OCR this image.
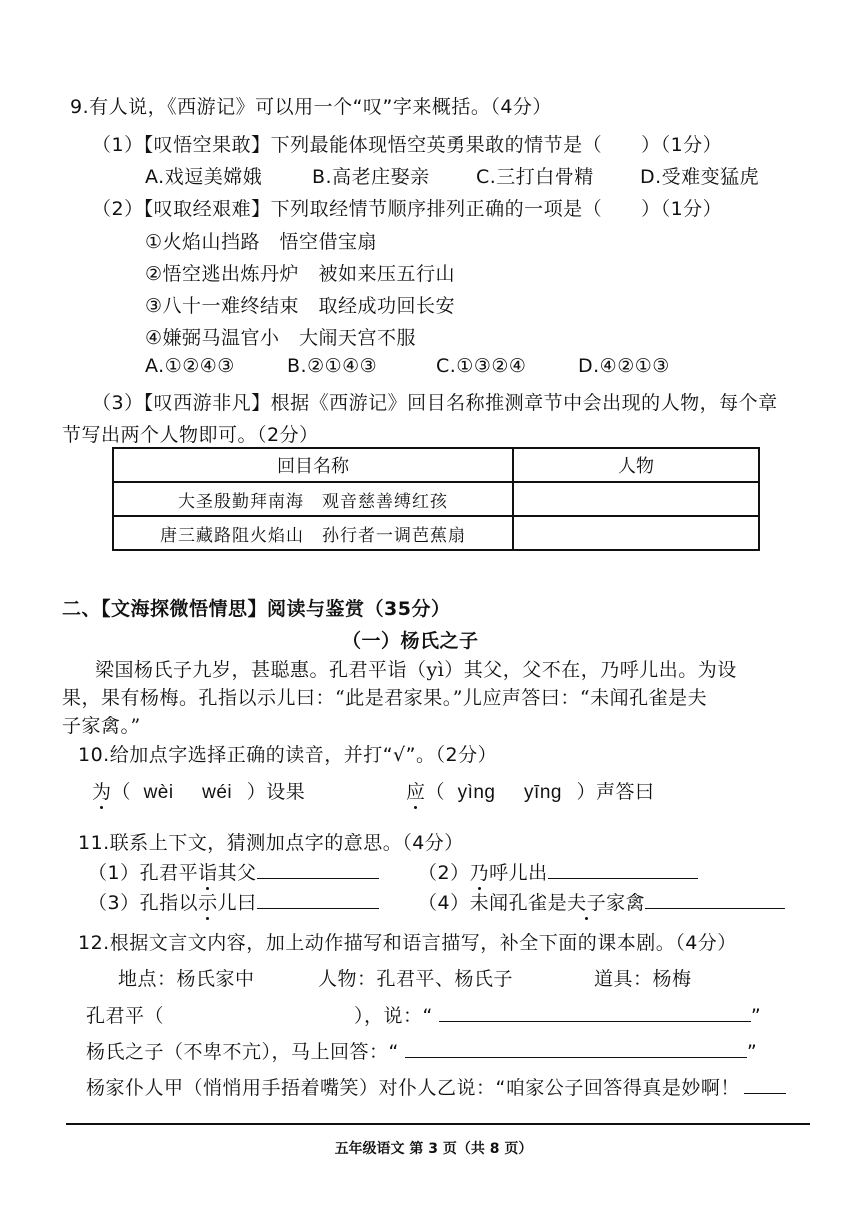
9.有人说，《西游记》可以用一个“叹”字来概括。（4分）
（1）【叹悟空果敢】下列最能体现悟空英勇果敢的情节是（　　）（1分）
A.戏逗美嫦娥	B.高老庄娶亲 C.三打白骨精 D.受难变猛虎
（2）【叹取经艰难】下列取经情节顺序排列正确的一项是（　　）（1分）
①火焰山挡路　悟空借宝扇
②悟空逃出炼丹炉　被如来压五行山
③八十一难终结束　取经成功回长安
④嫌弼马温官小　大闹天宫不服
A.①②④③	B.②①④③	C.①③②④	D.④②①③
（3）【叹西游非凡】根据《西游记》回目名称推测章节中会出现的人物，每个章
节写出两个人物即可。（2分）
回目名称	人物
大圣殷勤拜南海　观音慈善缚红孩	
唐三藏路阻火焰山　孙行者一调芭蕉扇	
二、【文海探微悟情思】阅读与鉴赏（35分）
（一）杨氏之子
梁国杨氏子九岁，甚聪惠。孔君平诣（yì）其父，父不在，乃呼儿出。为设
果，果有杨梅。孔指以示儿曰：“此是君家果。”儿应声答曰：“未闻孔雀是夫
子家禽。”
10.给加点字选择正确的读音，并打“√”。（2分）
为（ wèi wéi ）设果	应（ yìng yīng ）声答曰
11.联系上下文，猜测加点字的意思。（4分）
（1）孔君平诣其父	（2）乃呼儿出
（3）孔指以示儿曰	（4）未闻孔雀是夫子家禽
12.根据文言文内容，加上动作描写和语言描写，补全下面的课本剧。（4分）
地点：杨氏家中	人物：孔君平、杨氏子	道具：杨梅
孔君平（	），说：“	”
杨氏之子（不卑不亢），马上回答：“	”
杨家仆人甲（悄悄用手捂着嘴笑）对仆人乙说：“咱家公子回答得真是妙啊！
五年级语文 第 3 页（共 8 页）
